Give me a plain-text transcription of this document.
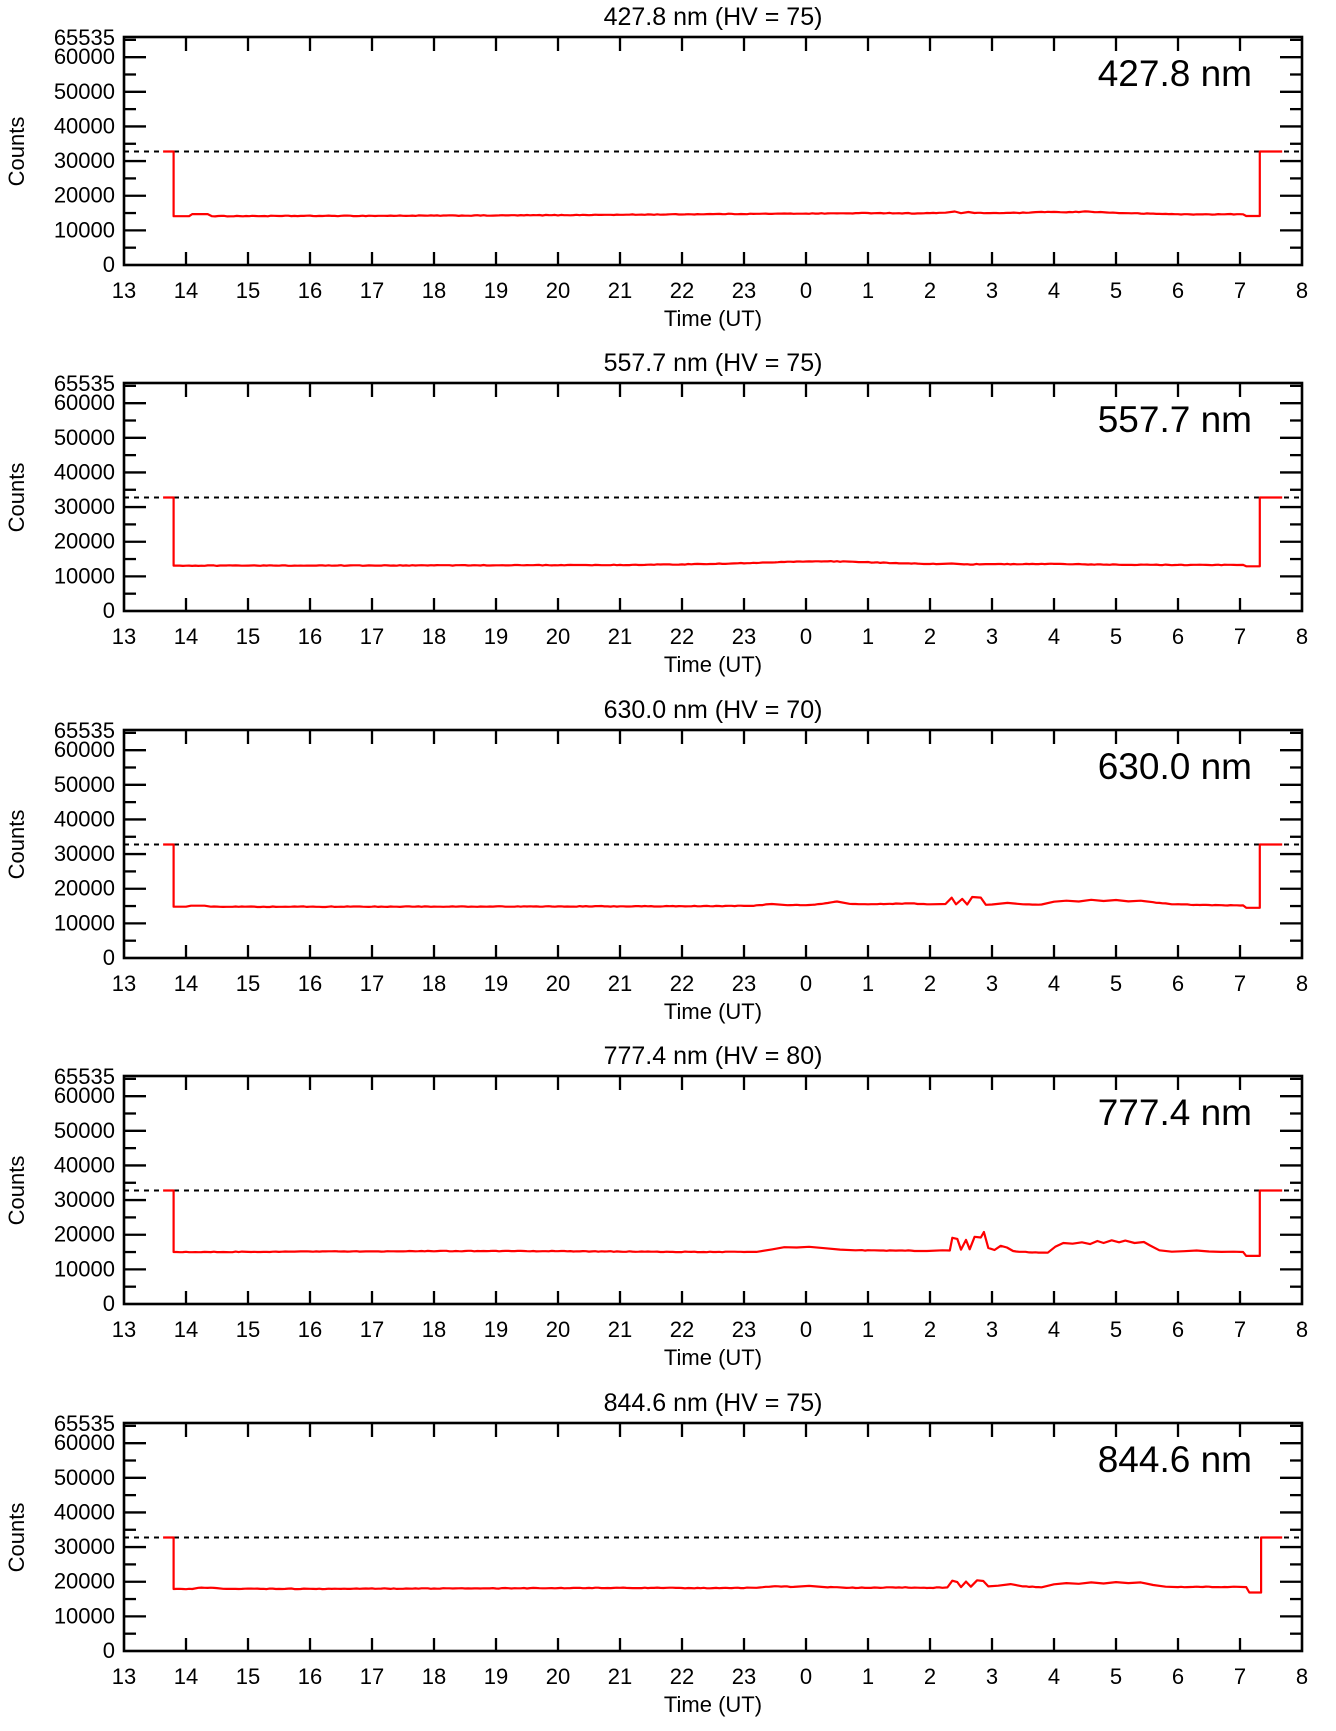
427.8 nm (HV = 75)
0
10000
20000
30000
40000
50000
60000
65535
13 14 15 16 17 18 19 20 21 22 23 0 1 2 3 4 5 6 7 8
Time (UT)
Counts
427.8 nm
557.7 nm (HV = 75)
0
10000
20000
30000
40000
50000
60000
65535
13 14 15 16 17 18 19 20 21 22 23 0 1 2 3 4 5 6 7 8
Time (UT)
Counts
557.7 nm
630.0 nm (HV = 70)
0
10000
20000
30000
40000
50000
60000
65535
13 14 15 16 17 18 19 20 21 22 23 0 1 2 3 4 5 6 7 8
Time (UT)
Counts
630.0 nm
777.4 nm (HV = 80)
0
10000
20000
30000
40000
50000
60000
65535
13 14 15 16 17 18 19 20 21 22 23 0 1 2 3 4 5 6 7 8
Time (UT)
Counts
777.4 nm
844.6 nm (HV = 75)
0
10000
20000
30000
40000
50000
60000
65535
13 14 15 16 17 18 19 20 21 22 23 0 1 2 3 4 5 6 7 8
Time (UT)
Counts
844.6 nm
